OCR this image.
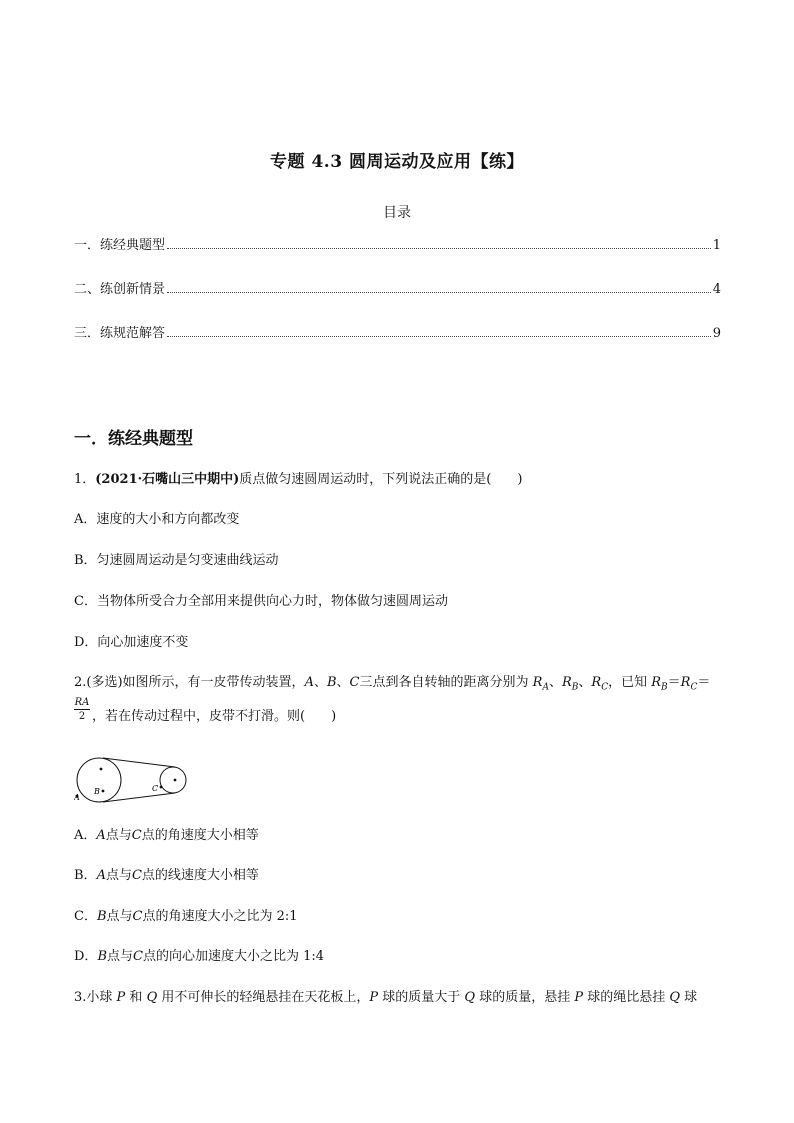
专题 4.3 圆周运动及应用【练】
目录
一．练经典题型	1
二、练创新情景	4
三．练规范解答	9
一．练经典题型
1．(2021·石嘴山三中期中)质点做匀速圆周运动时，下列说法正确的是(　　)
A．速度的大小和方向都改变
B．匀速圆周运动是匀变速曲线运动
C．当物体所受合力全部用来提供向心力时，物体做匀速圆周运动
D．向心加速度不变
2.(多选)如图所示，有一皮带传动装置，A、B、C三点到各自转轴的距离分别为 $R_A$、$R_B$、$R_C$，已知 $R_B=R_C=$
$\frac{RA}{2}$ ，若在传动过程中，皮带不打滑。则(　　)
A
B	C
A．A点与C点的角速度大小相等
B．A点与C点的线速度大小相等
C．B点与C点的角速度大小之比为 2:1
D．B点与C点的向心加速度大小之比为 1:4
3.小球 P 和 Q 用不可伸长的轻绳悬挂在天花板上，P 球的质量大于 Q 球的质量，悬挂 P 球的绳比悬挂 Q 球
